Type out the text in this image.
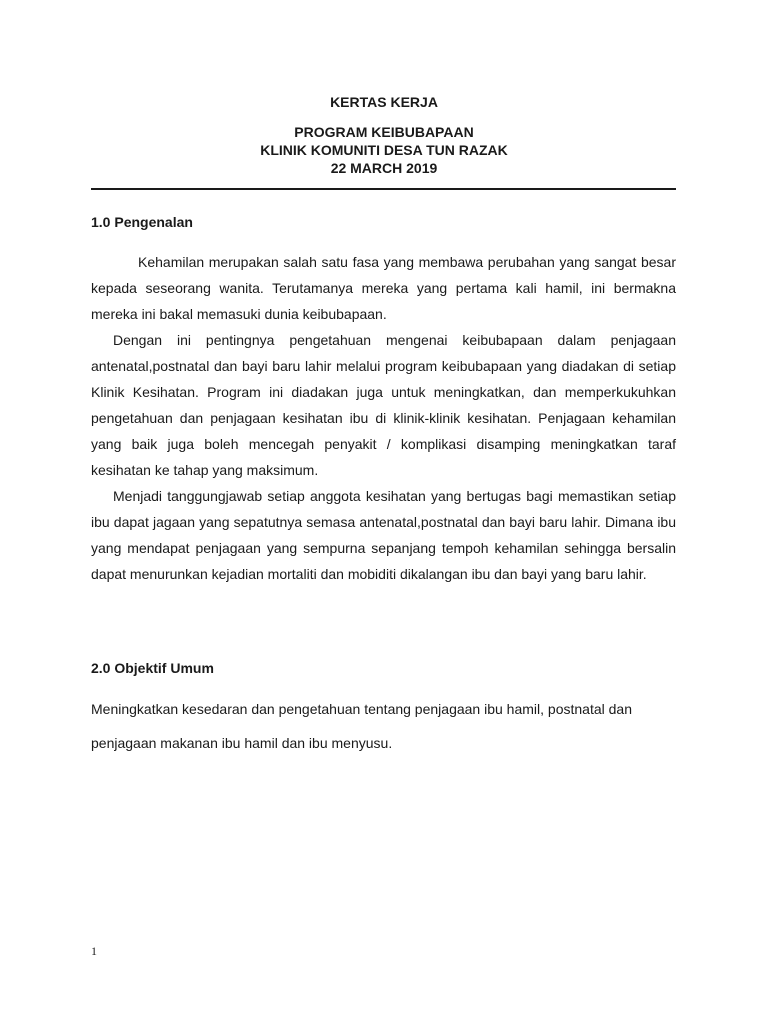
KERTAS KERJA
PROGRAM KEIBUBAPAAN
KLINIK KOMUNITI DESA TUN RAZAK
22 MARCH 2019
1.0 Pengenalan

Kehamilan merupakan salah satu fasa yang membawa perubahan yang sangat besar kepada seseorang wanita. Terutamanya mereka yang pertama kali hamil, ini bermakna mereka ini bakal memasuki dunia keibubapaan.

Dengan ini pentingnya pengetahuan mengenai keibubapaan dalam penjagaan antenatal,postnatal dan bayi baru lahir melalui program keibubapaan yang diadakan di setiap Klinik Kesihatan. Program ini diadakan juga untuk meningkatkan, dan memperkukuhkan pengetahuan dan penjagaan kesihatan ibu di klinik-klinik kesihatan. Penjagaan kehamilan yang baik juga boleh mencegah penyakit / komplikasi disamping meningkatkan taraf kesihatan ke tahap yang maksimum.

Menjadi tanggungjawab setiap anggota kesihatan yang bertugas bagi memastikan setiap ibu dapat jagaan yang sepatutnya semasa antenatal,postnatal dan bayi baru lahir. Dimana ibu yang mendapat penjagaan yang sempurna sepanjang tempoh kehamilan sehingga bersalin dapat menurunkan kejadian mortaliti dan mobiditi dikalangan ibu dan bayi yang baru lahir.

2.0 Objektif Umum

Meningkatkan kesedaran dan pengetahuan tentang penjagaan ibu hamil, postnatal dan penjagaan makanan ibu hamil dan ibu menyusu.

1
